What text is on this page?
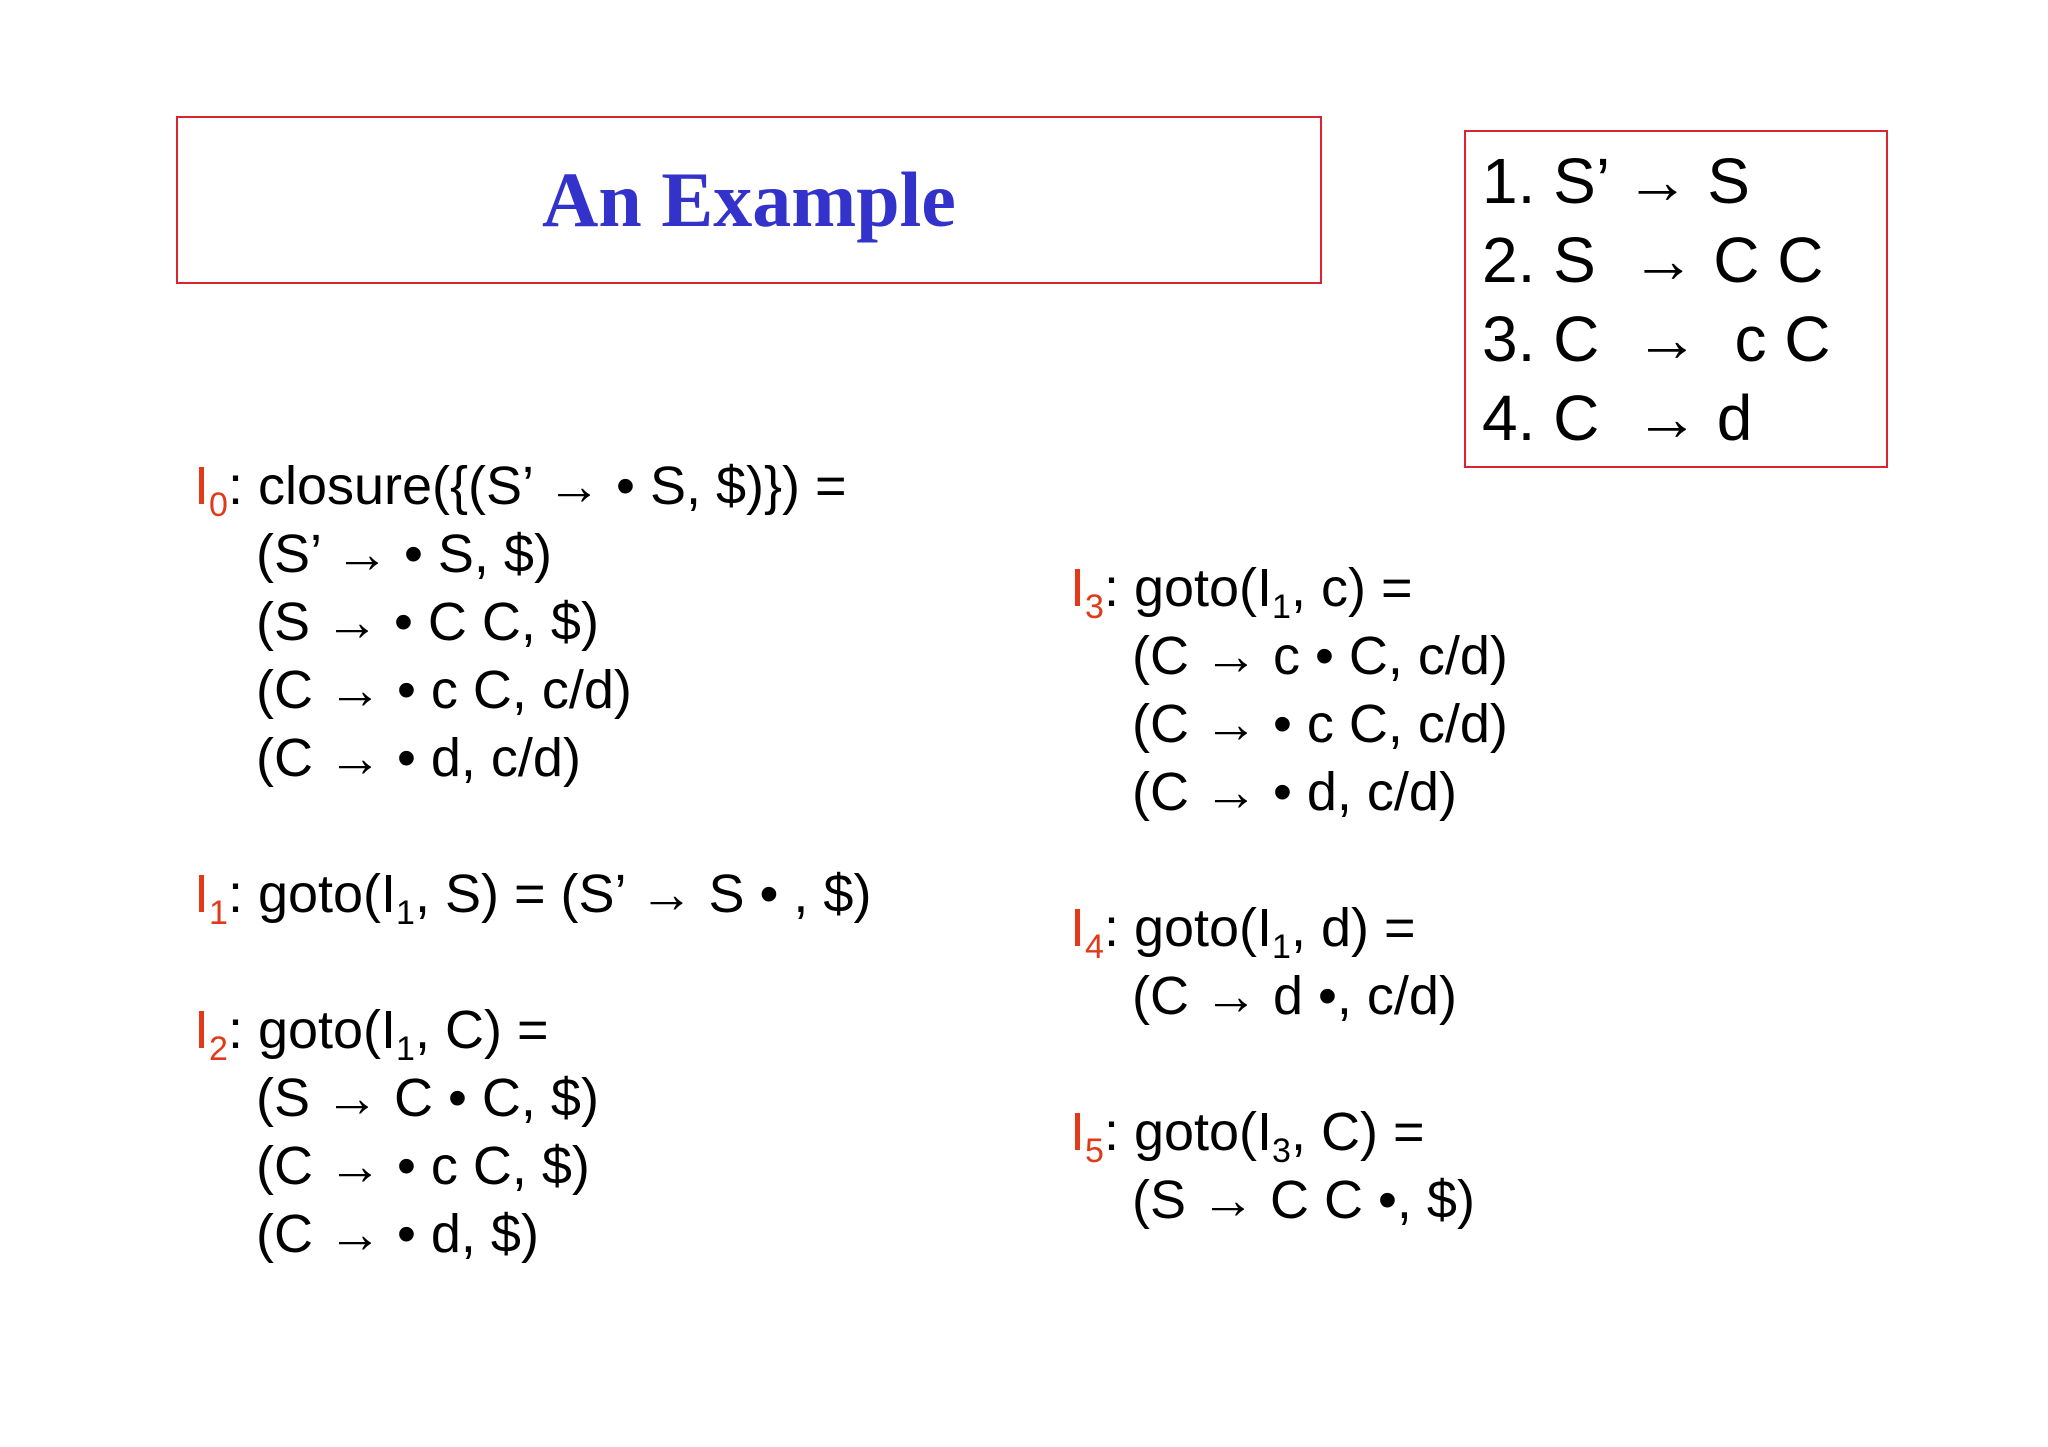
An Example	1. S’ → S
2. S  → C C
3. C  →  c C
4. C  → d
$I_0$: closure({(S’ → • S, $)}) =
(S’ → • S, $)
(S → • C C, $)
(C → • c C, c/d)
(C → • d, c/d)
$I_1$: $goto(I_1$, S) = (S’ → S • , $)
$I_2$: $goto(I_1$, C) =
(S → C • C, $)
(C → • c C, $)
(C → • d, $)
$I_3$: $goto(I_1$, c) =
(C → c • C, c/d)
(C → • c C, c/d)
(C → • d, c/d)
$I_4$: $goto(I_1$, d) =
(C → d •, c/d)
$I_5$: $goto(I_3$, C) =
(S → C C •, $)
